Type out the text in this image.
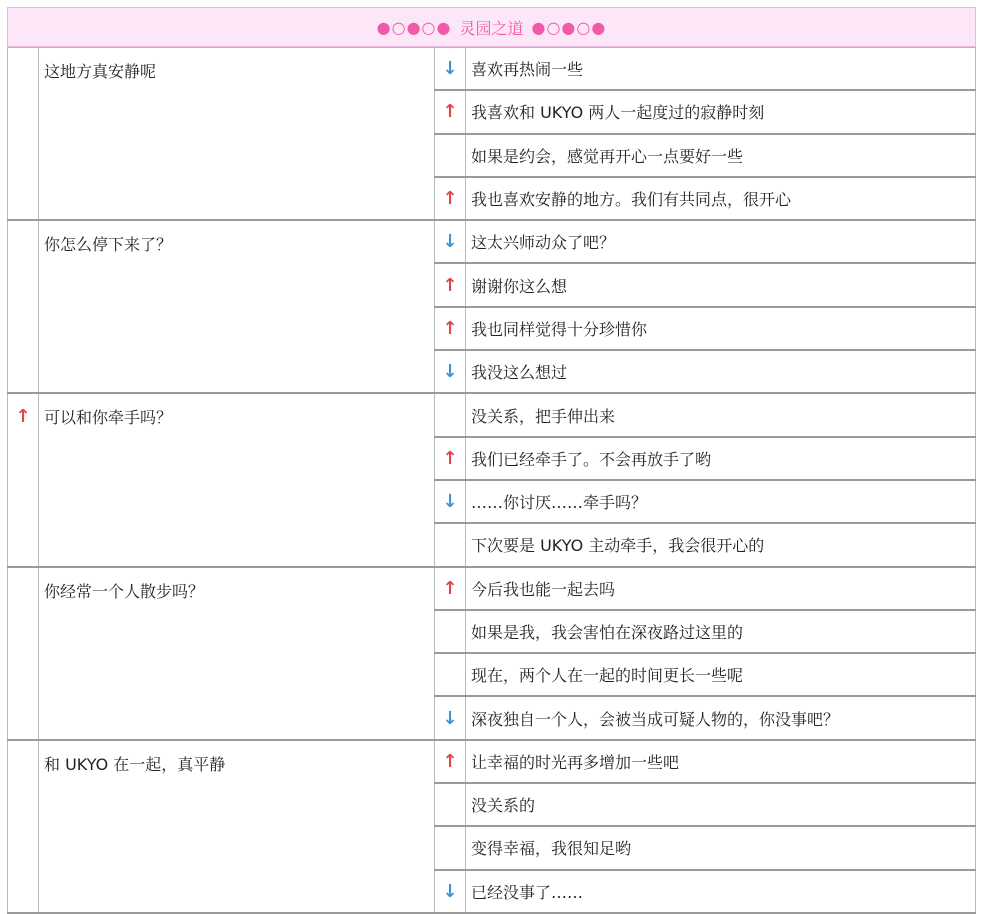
●○●○● 灵园之道 ●○●○●
	这地方真安静呢	↓	喜欢再热闹一些
		↑	我喜欢和 UKYO 两人一起度过的寂静时刻
			如果是约会，感觉再开心一点要好一些
		↑	我也喜欢安静的地方。我们有共同点，很开心
	你怎么停下来了？	↓	这太兴师动众了吧？
		↑	谢谢你这么想
		↑	我也同样觉得十分珍惜你
		↓	我没这么想过
↑	可以和你牵手吗？		没关系，把手伸出来
		↑	我们已经牵手了。不会再放手了哟
		↓	……你讨厌……牵手吗？
			下次要是 UKYO 主动牵手，我会很开心的
	你经常一个人散步吗？	↑	今后我也能一起去吗
			如果是我，我会害怕在深夜路过这里的
			现在，两个人在一起的时间更长一些呢
		↓	深夜独自一个人，会被当成可疑人物的，你没事吧？
	和 UKYO 在一起，真平静	↑	让幸福的时光再多增加一些吧
			没关系的
			变得幸福，我很知足哟
		↓	已经没事了……
